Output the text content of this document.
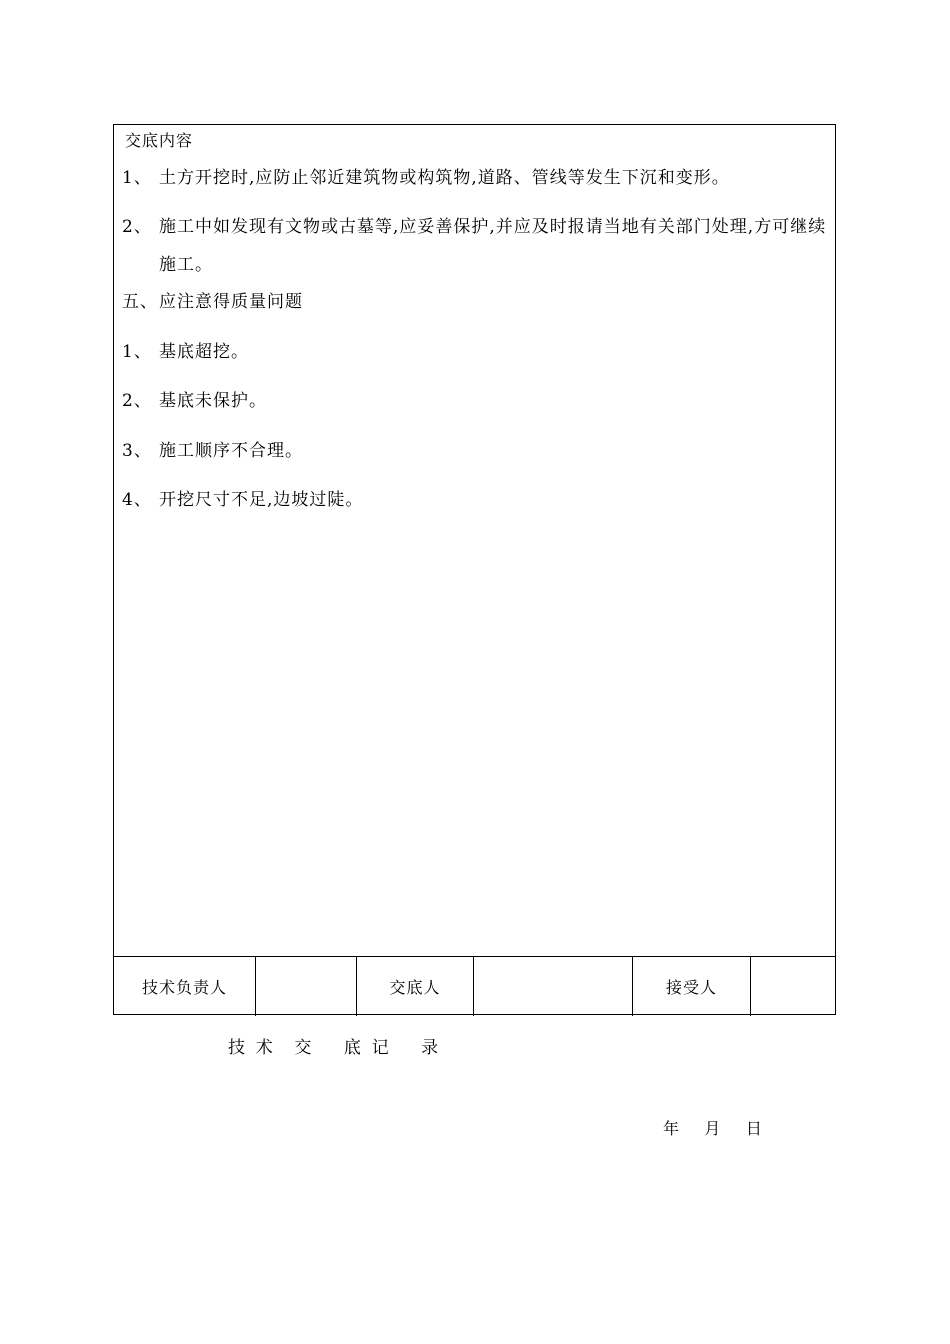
交底内容
1、 土方开挖时,应防止邻近建筑物或构筑物,道路、管线等发生下沉和变形。
2、 施工中如发现有文物或古墓等,应妥善保护,并应及时报请当地有关部门处理,方可继续施工。
五、应注意得质量问题
1、 基底超挖。
2、 基底未保护。
3、 施工顺序不合理。
4、 开挖尺寸不足,边坡过陡。
技术负责人	交底人	接受人
技  术    交      底  记      录
年     月     日
